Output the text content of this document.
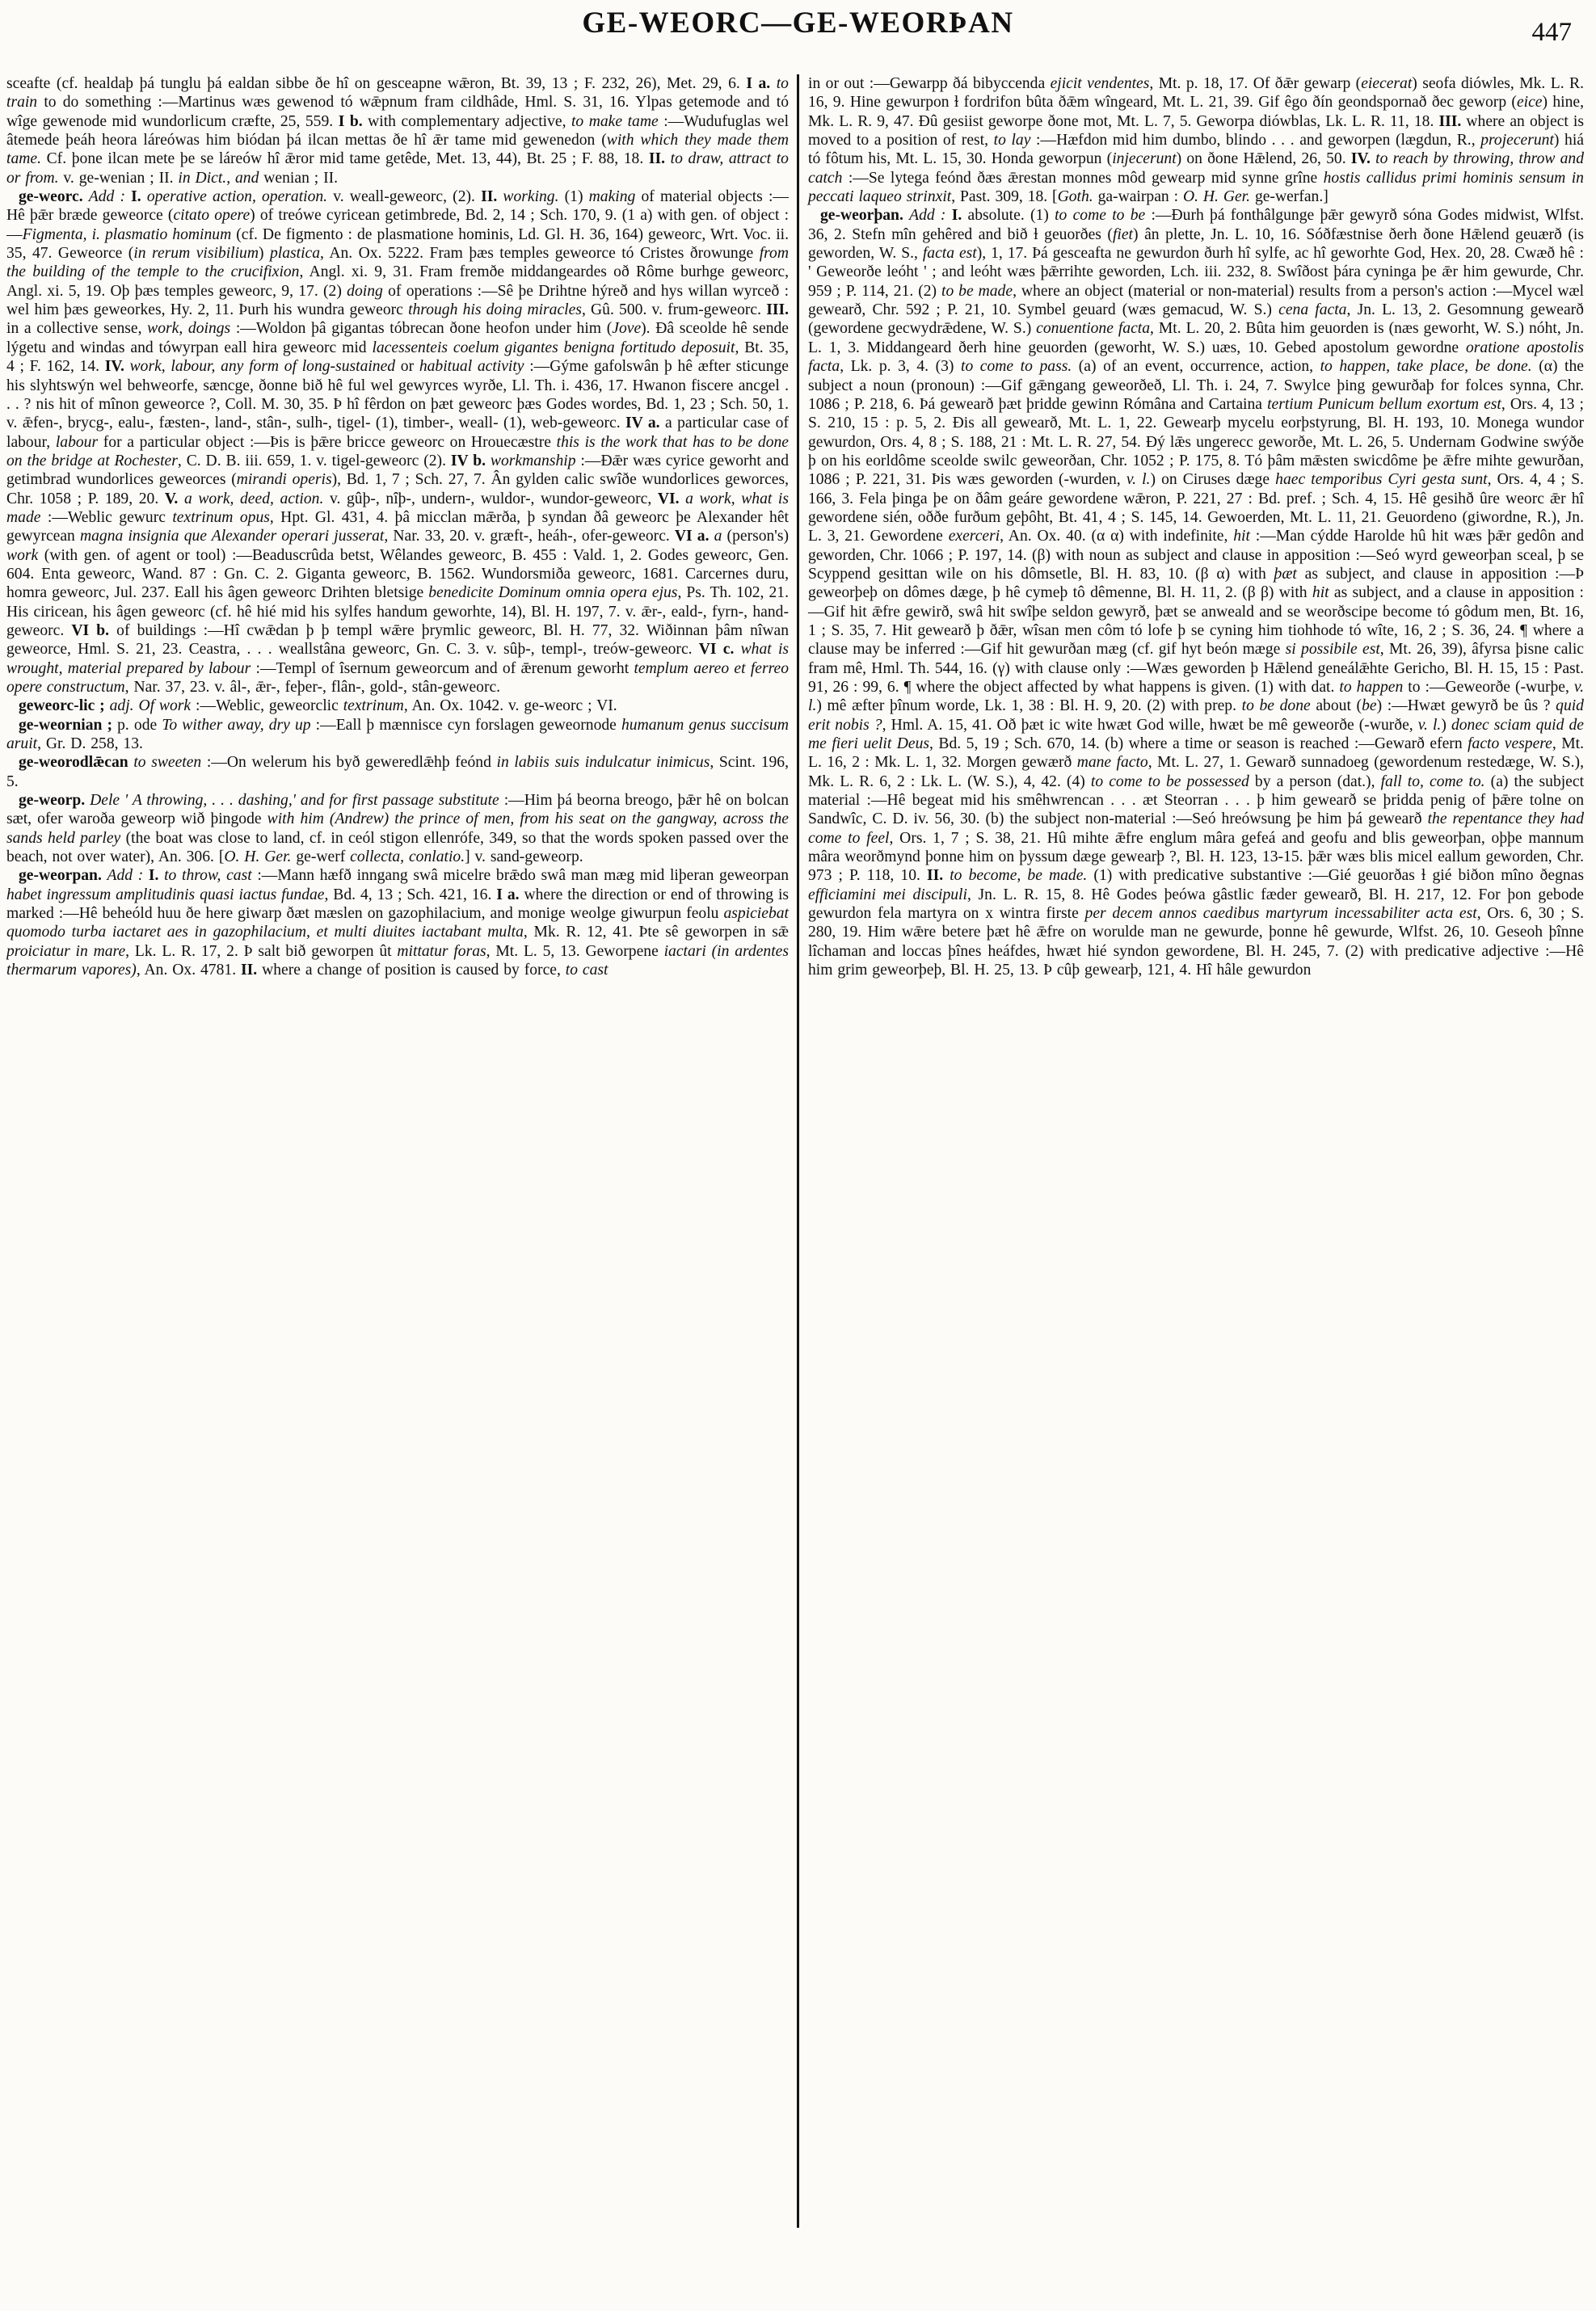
GE-WEORC—GE-WEORÞAN	447

sceafte (cf. healdaþ þá tunglu þá ealdan sibbe ðe hî on gesceapne wǣron, Bt. 39, 13 ; F. 232, 26), Met. 29, 6. I a. to train to do something :—Martinus wæs gewenod tó wǣpnum fram cildhâde, Hml. S. 31, 16. Ylpas getemode and tó wîge gewenode mid wundorlicum cræfte, 25, 559. I b. with complementary adjective, to make tame :—Wudufuglas wel âtemede þeáh heora láreówas him biódan þá ilcan mettas ðe hî ǣr tame mid gewenedon (with which they made them tame. Cf. þone ilcan mete þe se láreów hî ǣror mid tame getêde, Met. 13, 44), Bt. 25 ; F. 88, 18. II. to draw, attract to or from. v. ge-wenian ; II. in Dict., and wenian ; II.

ge-weorc. Add : I. operative action, operation. v. weall-geweorc, (2). II. working. (1) making of material objects :—Hê þǣr bræde geweorce (citato opere) of treówe cyricean getimbrede, Bd. 2, 14 ; Sch. 170, 9. (1 a) with gen. of object :—Figmenta, i. plasmatio hominum (cf. De figmento : de plasmatione hominis, Ld. Gl. H. 36, 164) geweorc, Wrt. Voc. ii. 35, 47. Geweorce (in rerum visibilium) plastica, An. Ox. 5222. Fram þæs temples geweorce tó Cristes ðrowunge from the building of the temple to the crucifixion, Angl. xi. 9, 31. Fram fremðe middangeardes oð Rôme burhge geweorc, Angl. xi. 5, 19. Oþ þæs temples geweorc, 9, 17. (2) doing of operations :—Sê þe Drihtne hýreð and hys willan wyrceð : wel him þæs geweorkes, Hy. 2, 11. Þurh his wundra geweorc through his doing miracles, Gû. 500. v. frum-geweorc. III. in a collective sense, work, doings :—Woldon þâ gigantas tóbrecan ðone heofon under him (Jove). Ðâ sceolde hê sende lýgetu and windas and tówyrpan eall hira geweorc mid lacessenteis coelum gigantes benigna fortitudo deposuit, Bt. 35, 4 ; F. 162, 14. IV. work, labour, any form of long-sustained or habitual activity :—Gýme gafolswân þ hê æfter sticunge his slyhtswýn wel behweorfe, sæncge, ðonne bið hê ful wel gewyrces wyrðe, Ll. Th. i. 436, 17. Hwanon fiscere ancgel . . . ? nis hit of mînon geweorce ?, Coll. M. 30, 35. Þ hî fêrdon on þæt geweorc þæs Godes wordes, Bd. 1, 23 ; Sch. 50, 1. v. ǣfen-, brycg-, ealu-, fæsten-, land-, stân-, sulh-, tigel- (1), timber-, weall- (1), web-geweorc. IV a. a particular case of labour, labour for a particular object :—Þis is þǣre bricce geweorc on Hrouecæstre this is the work that has to be done on the bridge at Rochester, C. D. B. iii. 659, 1. v. tigel-geweorc (2). IV b. workmanship :—Ðǣr wæs cyrice geworht and getimbrad wundorlices geweorces (mirandi operis), Bd. 1, 7 ; Sch. 27, 7. Ân gylden calic swîðe wundorlices geworces, Chr. 1058 ; P. 189, 20. V. a work, deed, action. v. gûþ-, nîþ-, undern-, wuldor-, wundor-geweorc, VI. a work, what is made :—Weblic gewurc textrinum opus, Hpt. Gl. 431, 4. þâ micclan mǣrða, þ syndan ðâ geweorc þe Alexander hêt gewyrcean magna insignia que Alexander operari jusserat, Nar. 33, 20. v. græft-, heáh-, ofer-geweorc. VI a. a (person's) work (with gen. of agent or tool) :—Beaduscrûda betst, Wêlandes geweorc, B. 455 : Vald. 1, 2. Godes geweorc, Gen. 604. Enta geweorc, Wand. 87 : Gn. C. 2. Giganta geweorc, B. 1562. Wundorsmiða geweorc, 1681. Carcernes duru, homra geweorc, Jul. 237. Eall his âgen geweorc Drihten bletsige benedicite Dominum omnia opera ejus, Ps. Th. 102, 21. His ciricean, his âgen geweorc (cf. hê hié mid his sylfes handum geworhte, 14), Bl. H. 197, 7. v. ǣr-, eald-, fyrn-, hand-geweorc. VI b. of buildings :—Hî cwǣdan þ þ templ wǣre þrymlic geweorc, Bl. H. 77, 32. Wiðinnan þâm nîwan geweorce, Hml. S. 21, 23. Ceastra, . . . weallstâna geweorc, Gn. C. 3. v. sûþ-, templ-, treów-geweorc. VI c. what is wrought, material prepared by labour :—Templ of îsernum geweorcum and of ǣrenum geworht templum aereo et ferreo opere constructum, Nar. 37, 23. v. âl-, ǣr-, feþer-, flân-, gold-, stân-geweorc.

geweorc-lic ; adj. Of work :—Weblic, geweorclic textrinum, An. Ox. 1042. v. ge-weorc ; VI.

ge-weornian ; p. ode To wither away, dry up :—Eall þ mænnisce cyn forslagen geweornode humanum genus succisum aruit, Gr. D. 258, 13.

ge-weorodlǣcan to sweeten :—On welerum his byð geweredlǣhþ feónd in labiis suis indulcatur inimicus, Scint. 196, 5.

ge-weorp. Dele ' A throwing, . . . dashing,' and for first passage substitute :—Him þá beorna breogo, þǣr hê on bolcan sæt, ofer waroða geweorp wið þingode with him (Andrew) the prince of men, from his seat on the gangway, across the sands held parley (the boat was close to land, cf. in ceól stigon ellenrófe, 349, so that the words spoken passed over the beach, not over water), An. 306. [O. H. Ger. ge-werf collecta, conlatio.] v. sand-geweorp.

ge-weorpan. Add : I. to throw, cast :—Mann hæfð inngang swâ micelre brǣdo swâ man mæg mid liþeran geweorpan habet ingressum amplitudinis quasi iactus fundae, Bd. 4, 13 ; Sch. 421, 16. I a. where the direction or end of throwing is marked :—Hê beheóld huu ðe here giwarp ðæt mæslen on gazophilacium, and monige weolge giwurpun feolu aspiciebat quomodo turba iactaret aes in gazophilacium, et multi diuites iactabant multa, Mk. R. 12, 41. Þte sê geworpen in sǣ proiciatur in mare, Lk. L. R. 17, 2. Þ salt bið geworpen ût mittatur foras, Mt. L. 5, 13. Geworpene iactari (in ardentes thermarum vapores), An. Ox. 4781. II. where a change of position is caused by force, to cast

in or out :—Gewarpp ðá bibyccenda ejicit vendentes, Mt. p. 18, 17. Of ðǣr gewarp (eiecerat) seofa diówles, Mk. L. R. 16, 9. Hine gewurpon ɫ fordrifon bûta ðǣm wîngeard, Mt. L. 21, 39. Gif êgo ðín geondspornað ðec geworp (eice) hine, Mk. L. R. 9, 47. Ðû gesiist geworpe ðone mot, Mt. L. 7, 5. Geworpa diówblas, Lk. L. R. 11, 18. III. where an object is moved to a position of rest, to lay :—Hæfdon mid him dumbo, blindo . . . and geworpen (lægdun, R., projecerunt) hiá tó fôtum his, Mt. L. 15, 30. Honda geworpun (injecerunt) on ðone Hǣlend, 26, 50. IV. to reach by throwing, throw and catch :—Se lytega feónd ðæs ǣrestan monnes môd gewearp mid synne grîne hostis callidus primi hominis sensum in peccati laqueo strinxit, Past. 309, 18. [Goth. ga-wairpan : O. H. Ger. ge-werfan.]

ge-weorþan. Add : I. absolute. (1) to come to be :—Ðurh þá fonthâlgunge þǣr gewyrð sóna Godes midwist, Wlfst. 36, 2. Stefn mîn gehêred and bið ɫ geuorðes (fiet) ân plette, Jn. L. 10, 16. Sóðfæstnise ðerh ðone Hǣlend geuærð (is geworden, W. S., facta est), 1, 17. Þá gesceafta ne gewurdon ðurh hî sylfe, ac hî geworhte God, Hex. 20, 28. Cwæð hê : ' Geweorðe leóht ' ; and leóht wæs þǣrrihte geworden, Lch. iii. 232, 8. Swîðost þára cyninga þe ǣr him gewurde, Chr. 959 ; P. 114, 21. (2) to be made, where an object (material or non-material) results from a person's action :—Mycel wæl gewearð, Chr. 592 ; P. 21, 10. Symbel geuard (wæs gemacud, W. S.) cena facta, Jn. L. 13, 2. Gesomnung gewearð (gewordene gecwydrǣdene, W. S.) conuentione facta, Mt. L. 20, 2. Bûta him geuorden is (næs geworht, W. S.) nóht, Jn. L. 1, 3. Middangeard ðerh hine geuorden (geworht, W. S.) uæs, 10. Gebed apostolum gewordne oratione apostolis facta, Lk. p. 3, 4. (3) to come to pass. (a) of an event, occurrence, action, to happen, take place, be done. (α) the subject a noun (pronoun) :—Gif gǣngang geweorðeð, Ll. Th. i. 24, 7. Swylce þing gewurðaþ for folces synna, Chr. 1086 ; P. 218, 6. Þá gewearð þæt þridde gewinn Rómâna and Cartaina tertium Punicum bellum exortum est, Ors. 4, 13 ; S. 210, 15 : p. 5, 2. Ðis all gewearð, Mt. L. 1, 22. Gewearþ mycelu eorþstyrung, Bl. H. 193, 10. Monega wundor gewurdon, Ors. 4, 8 ; S. 188, 21 : Mt. L. R. 27, 54. Ðý lǣs ungerecc geworðe, Mt. L. 26, 5. Undernam Godwine swýðe þ on his eorldôme sceolde swilc geweorðan, Chr. 1052 ; P. 175, 8. Tó þâm mǣsten swicdôme þe ǣfre mihte gewurðan, 1086 ; P. 221, 31. Þis wæs geworden (-wurden, v. l.) on Ciruses dæge haec temporibus Cyri gesta sunt, Ors. 4, 4 ; S. 166, 3. Fela þinga þe on ðâm geáre gewordene wǣron, P. 221, 27 : Bd. pref. ; Sch. 4, 15. Hê gesihð ûre weorc ǣr hî gewordene sién, oððe furðum geþôht, Bt. 41, 4 ; S. 145, 14. Gewoerden, Mt. L. 11, 21. Geuordeno (giwordne, R.), Jn. L. 3, 21. Gewordene exerceri, An. Ox. 40. (α α) with indefinite, hit :—Man cýdde Harolde hû hit wæs þǣr gedôn and geworden, Chr. 1066 ; P. 197, 14. (β) with noun as subject and clause in apposition :—Seó wyrd geweorþan sceal, þ se Scyppend gesittan wile on his dômsetle, Bl. H. 83, 10. (β α) with þæt as subject, and clause in apposition :—Þ geweorþeþ on dômes dæge, þ hê cymeþ tô dêmenne, Bl. H. 11, 2. (β β) with hit as subject, and a clause in apposition :—Gif hit ǣfre gewirð, swâ hit swîþe seldon gewyrð, þæt se anweald and se weorðscipe become tó gôdum men, Bt. 16, 1 ; S. 35, 7. Hit gewearð þ ðǣr, wîsan men côm tó lofe þ se cyning him tiohhode tó wîte, 16, 2 ; S. 36, 24. ¶ where a clause may be inferred :—Gif hit gewurðan mæg (cf. gif hyt beón mæge si possibile est, Mt. 26, 39), âfyrsa þisne calic fram mê, Hml. Th. 544, 16. (γ) with clause only :—Wæs geworden þ Hǣlend geneálǣhte Gericho, Bl. H. 15, 15 : Past. 91, 26 : 99, 6. ¶ where the object affected by what happens is given. (1) with dat. to happen to :—Geweorðe (-wurþe, v. l.) mê æfter þînum worde, Lk. 1, 38 : Bl. H. 9, 20. (2) with prep. to be done about (be) :—Hwæt gewyrð be ûs ? quid erit nobis ?, Hml. A. 15, 41. Oð þæt ic wite hwæt God wille, hwæt be mê geweorðe (-wurðe, v. l.) donec sciam quid de me fieri uelit Deus, Bd. 5, 19 ; Sch. 670, 14. (b) where a time or season is reached :—Gewarð efern facto vespere, Mt. L. 16, 2 : Mk. L. 1, 32. Morgen gewærð mane facto, Mt. L. 27, 1. Gewarð sunnadoeg (gewordenum restedæge, W. S.), Mk. L. R. 6, 2 : Lk. L. (W. S.), 4, 42. (4) to come to be possessed by a person (dat.), fall to, come to. (a) the subject material :—Hê begeat mid his smêhwrencan . . . æt Steorran . . . þ him gewearð se þridda penig of þǣre tolne on Sandwîc, C. D. iv. 56, 30. (b) the subject non-material :—Seó hreówsung þe him þá gewearð the repentance they had come to feel, Ors. 1, 7 ; S. 38, 21. Hû mihte ǣfre englum mâra gefeá and geofu and blis geweorþan, oþþe mannum mâra weorðmynd þonne him on þyssum dæge gewearþ ?, Bl. H. 123, 13-15. þǣr wæs blis micel eallum geworden, Chr. 973 ; P. 118, 10. II. to become, be made. (1) with predicative substantive :—Gié geuorðas ɫ gié biðon mîno ðegnas efficiamini mei discipuli, Jn. L. R. 15, 8. Hê Godes þeówa gâstlic fæder gewearð, Bl. H. 217, 12. For þon gebode gewurdon fela martyra on x wintra firste per decem annos caedibus martyrum incessabiliter acta est, Ors. 6, 30 ; S. 280, 19. Him wǣre betere þæt hê ǣfre on worulde man ne gewurde, þonne hê gewurde, Wlfst. 26, 10. Geseoh þînne lîchaman and loccas þînes heáfdes, hwæt hié syndon gewordene, Bl. H. 245, 7. (2) with predicative adjective :—Hê him grim geweorþeþ, Bl. H. 25, 13. Þ cûþ gewearþ, 121, 4. Hî hâle gewurdon
